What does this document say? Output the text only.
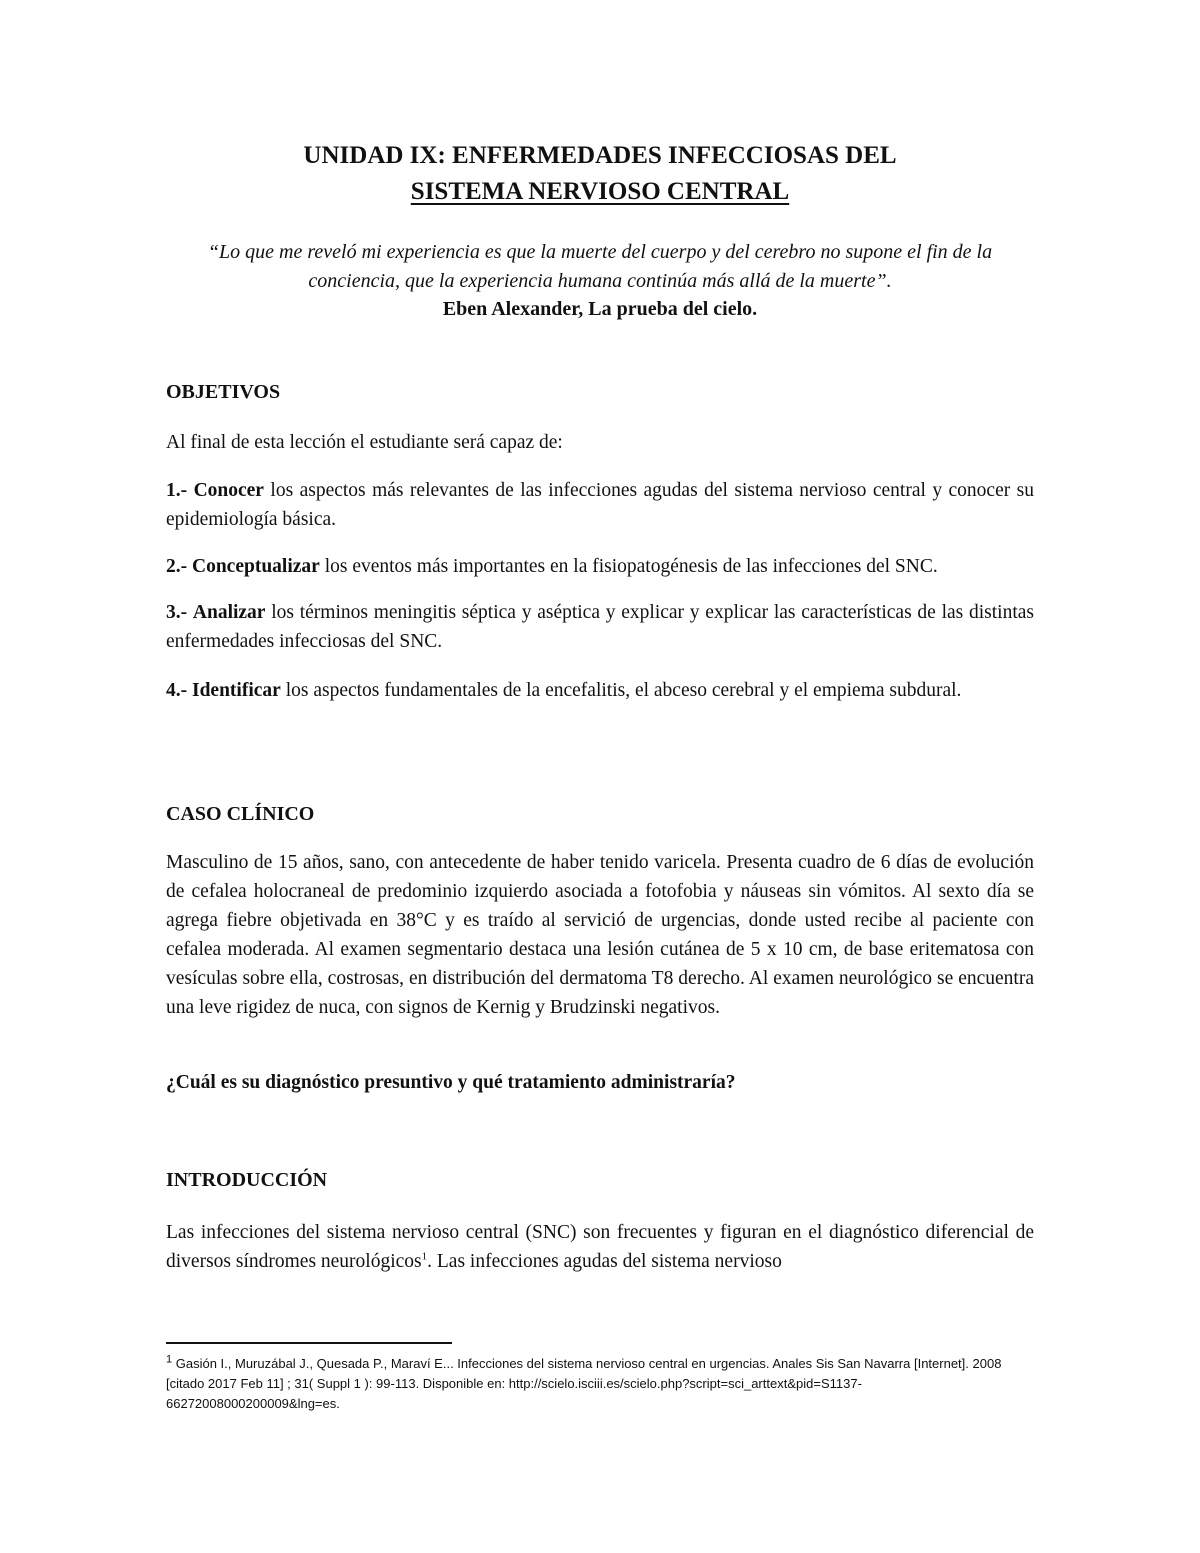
UNIDAD IX: ENFERMEDADES INFECCIOSAS DEL
SISTEMA NERVIOSO CENTRAL
“Lo que me reveló mi experiencia es que la muerte del cuerpo y del cerebro no supone el fin de la conciencia, que la experiencia humana continúa más allá de la muerte”.
Eben Alexander, La prueba del cielo.
OBJETIVOS
Al final de esta lección el estudiante será capaz de:
1.- Conocer los aspectos más relevantes de las infecciones agudas del sistema nervioso central y conocer su epidemiología básica.
2.- Conceptualizar los eventos más importantes en la fisiopatogénesis de las infecciones del SNC.
3.- Analizar los términos meningitis séptica y aséptica y explicar y explicar las características de las distintas enfermedades infecciosas del SNC.
4.- Identificar los aspectos fundamentales de la encefalitis, el abceso cerebral y el empiema subdural.
CASO CLÍNICO
Masculino de 15 años, sano, con antecedente de haber tenido varicela. Presenta cuadro de 6 días de evolución de cefalea holocraneal de predominio izquierdo asociada a fotofobia y náuseas sin vómitos. Al sexto día se agrega fiebre objetivada en 38°C y es traído al servició de urgencias, donde usted recibe al paciente con cefalea moderada. Al examen segmentario destaca una lesión cutánea de 5 x 10 cm, de base eritematosa con vesículas sobre ella, costrosas, en distribución del dermatoma T8 derecho. Al examen neurológico se encuentra una leve rigidez de nuca, con signos de Kernig y Brudzinski negativos.
¿Cuál es su diagnóstico presuntivo y qué tratamiento administraría?
INTRODUCCIÓN
Las infecciones del sistema nervioso central (SNC) son frecuentes y figuran en el diagnóstico diferencial de diversos síndromes neurológicos$^1$. Las infecciones agudas del sistema nervioso
$^1$ Gasión I., Muruzábal J., Quesada P., Maraví E... Infecciones del sistema nervioso central en urgencias. Anales Sis San Navarra [Internet]. 2008 [citado 2017 Feb 11] ; 31( Suppl 1 ): 99-113. Disponible en: http://scielo.isciii.es/scielo.php?script=sci_arttext&pid=S1137-66272008000200009&lng=es.
